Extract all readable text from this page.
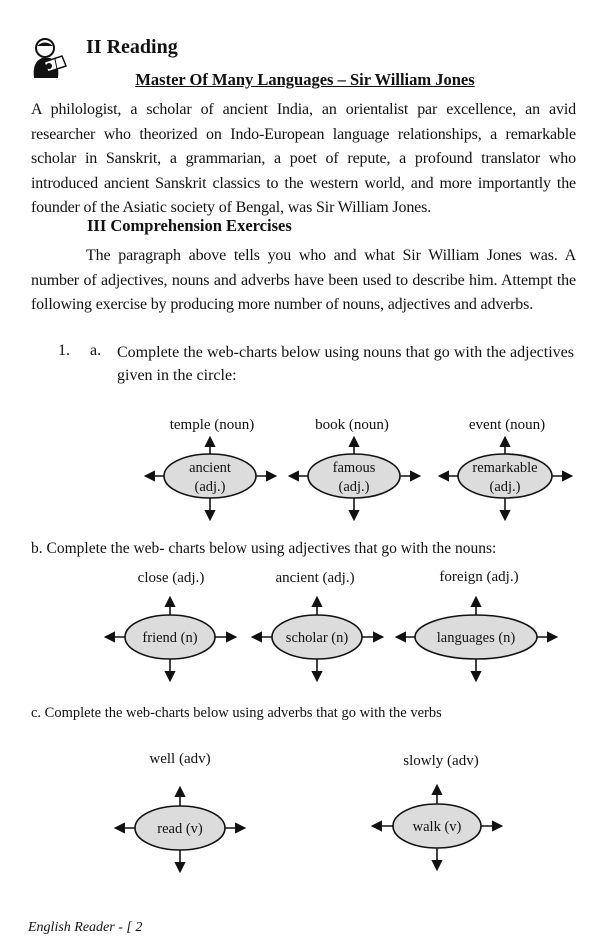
II Reading
Master Of Many Languages – Sir William Jones
A philologist, a scholar of ancient India, an orientalist par excellence, an avid researcher who theorized on Indo-European language relationships, a remarkable scholar in Sanskrit, a grammarian, a poet of repute, a profound translator who introduced ancient Sanskrit classics to the western world, and more importantly the founder of the Asiatic society of Bengal, was Sir William Jones.
III Comprehension Exercises
The paragraph above tells you who and what Sir William Jones was. A number of adjectives, nouns and adverbs have been used to describe him. Attempt the following exercise by producing more number of nouns, adjectives and adverbs.
1. a. Complete the web-charts below using nouns that go with the adjectives given in the circle:
b. Complete the web- charts below using adjectives that go with the nouns:
c. Complete the web-charts below using adverbs that go with the verbs
temple (noun)	book (noun)	event (noun)
close (adj.)	ancient (adj.)	foreign (adj.)
well (adv)	slowly (adv)
ancient
(adj.)
famous
(adj.)
remarkable
(adj.)
friend (n)	scholar (n)	languages (n)
read (v)	walk (v)
English Reader - [ 2
